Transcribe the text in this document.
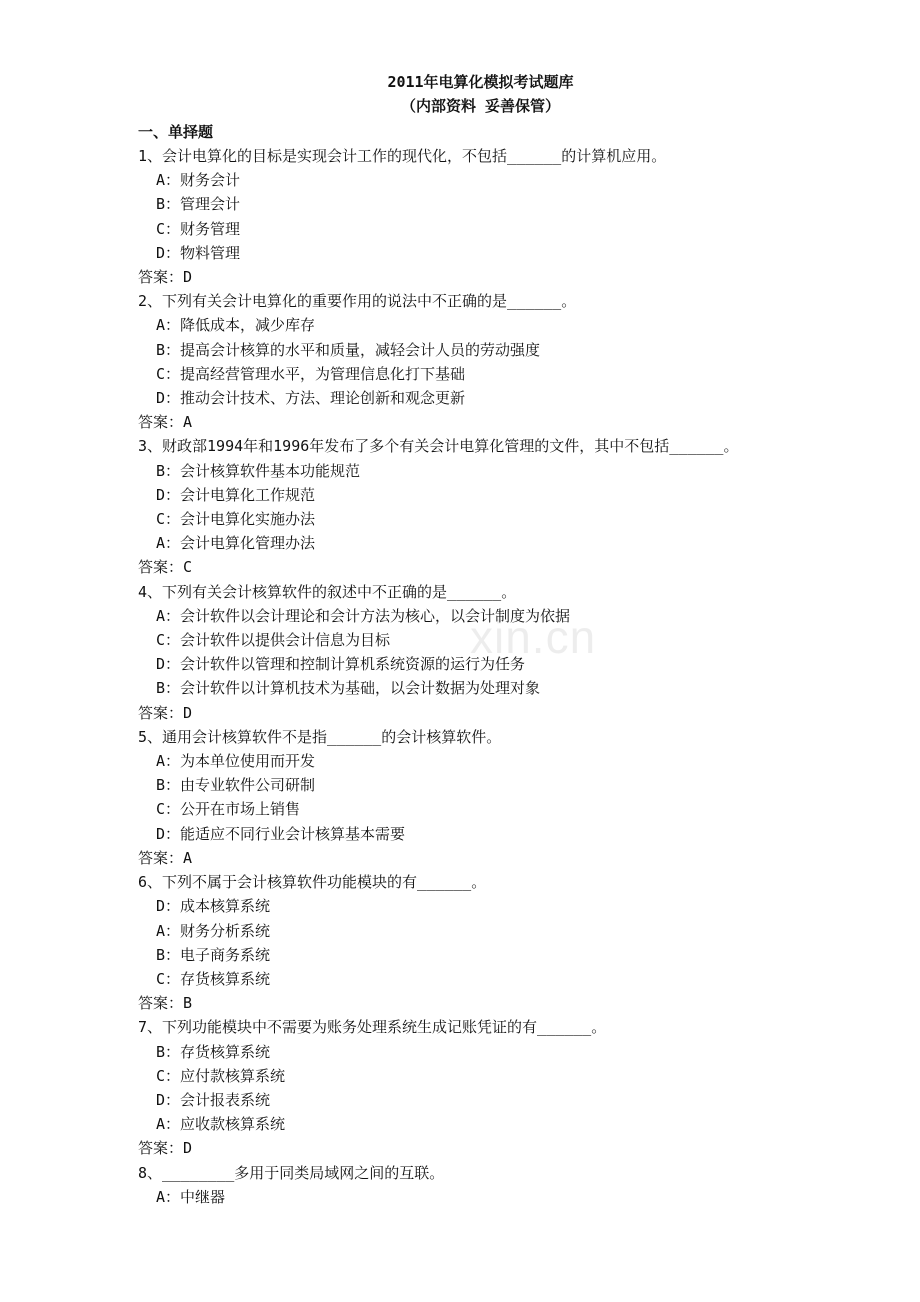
xin.cn
2011年电算化模拟考试题库
（内部资料 妥善保管）
一、单择题
1、会计电算化的目标是实现会计工作的现代化，不包括______的计算机应用。
A：财务会计
B：管理会计
C：财务管理
D：物料管理
答案：D
2、下列有关会计电算化的重要作用的说法中不正确的是______。
A：降低成本，减少库存
B：提高会计核算的水平和质量，减轻会计人员的劳动强度
C：提高经营管理水平，为管理信息化打下基础
D：推动会计技术、方法、理论创新和观念更新
答案：A
3、财政部1994年和1996年发布了多个有关会计电算化管理的文件，其中不包括______。
B：会计核算软件基本功能规范
D：会计电算化工作规范
C：会计电算化实施办法
A：会计电算化管理办法
答案：C
4、下列有关会计核算软件的叙述中不正确的是______。
A：会计软件以会计理论和会计方法为核心，以会计制度为依据
C：会计软件以提供会计信息为目标
D：会计软件以管理和控制计算机系统资源的运行为任务
B：会计软件以计算机技术为基础，以会计数据为处理对象
答案：D
5、通用会计核算软件不是指______的会计核算软件。
A：为本单位使用而开发
B：由专业软件公司研制
C：公开在市场上销售
D：能适应不同行业会计核算基本需要
答案：A
6、下列不属于会计核算软件功能模块的有______。
D：成本核算系统
A：财务分析系统
B：电子商务系统
C：存货核算系统
答案：B
7、下列功能模块中不需要为账务处理系统生成记账凭证的有______。
B：存货核算系统
C：应付款核算系统
D：会计报表系统
A：应收款核算系统
答案：D
8、________多用于同类局域网之间的互联。
A：中继器
